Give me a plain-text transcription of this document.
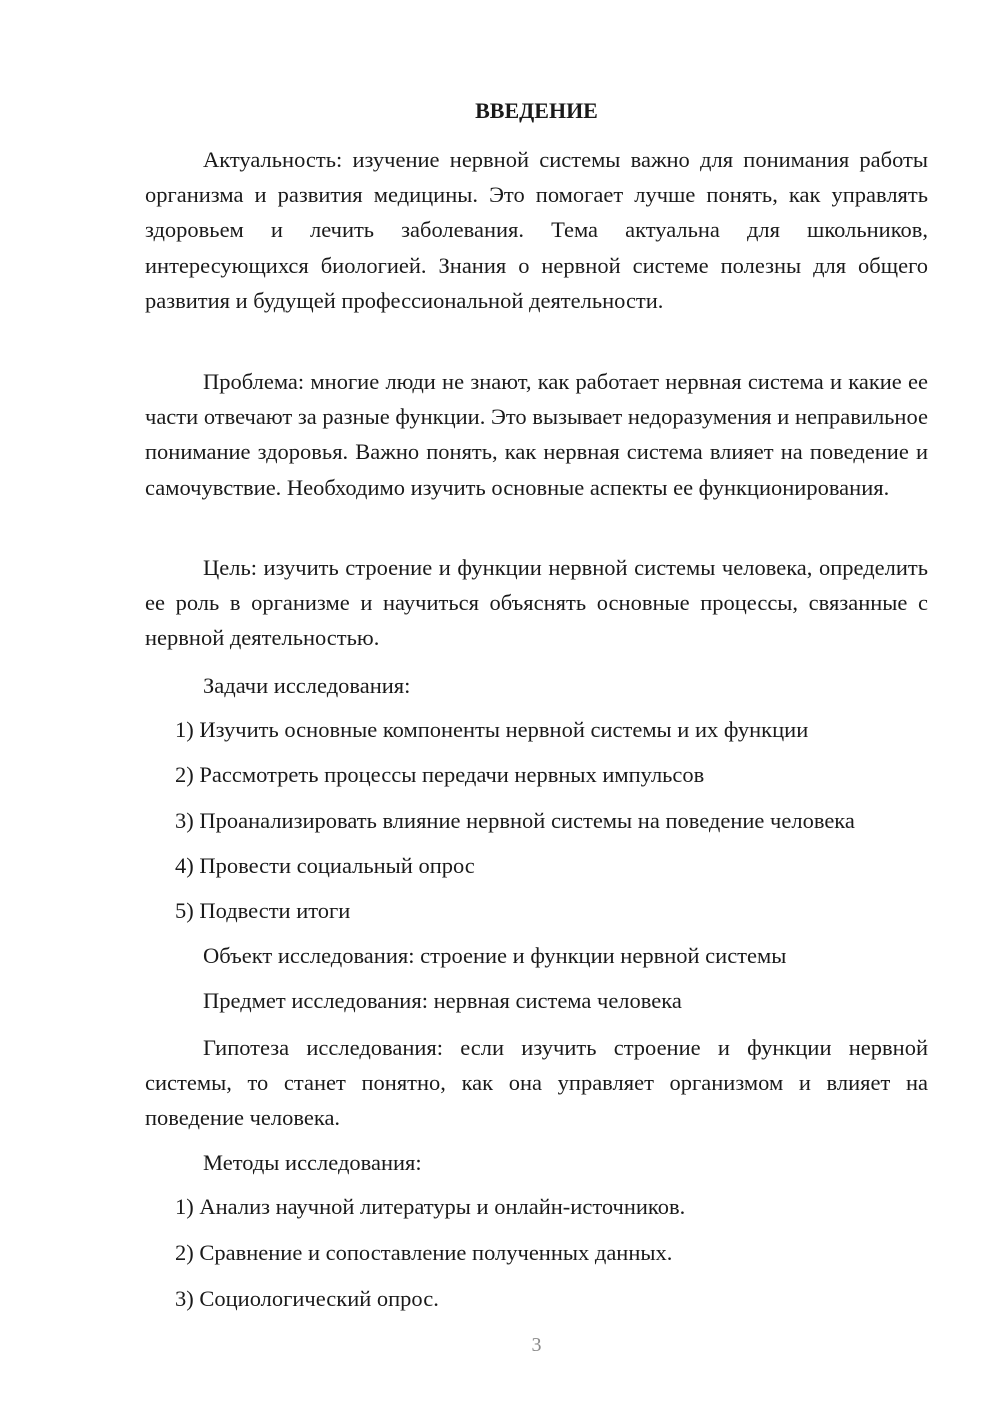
ВВЕДЕНИЕ

Актуальность: изучение нервной системы важно для понимания работы организма и развития медицины. Это помогает лучше понять, как управлять здоровьем и лечить заболевания. Тема актуальна для школьников, интересующихся биологией. Знания о нервной системе полезны для общего развития и будущей профессиональной деятельности.

Проблема: многие люди не знают, как работает нервная система и какие ее части отвечают за разные функции. Это вызывает недоразумения и неправильное понимание здоровья. Важно понять, как нервная система влияет на поведение и самочувствие. Необходимо изучить основные аспекты ее функционирования.

Цель: изучить строение и функции нервной системы человека, определить ее роль в организме и научиться объяснять основные процессы, связанные с нервной деятельностью.

Задачи исследования:

1) Изучить основные компоненты нервной системы и их функции

2) Рассмотреть процессы передачи нервных импульсов

3) Проанализировать влияние нервной системы на поведение человека

4) Провести социальный опрос

5) Подвести итоги

Объект исследования: строение и функции нервной системы

Предмет исследования: нервная система человека

Гипотеза исследования: если изучить строение и функции нервной системы, то станет понятно, как она управляет организмом и влияет на поведение человека.

Методы исследования:

1) Анализ научной литературы и онлайн-источников.

2) Сравнение и сопоставление полученных данных.

3) Социологический опрос.

3
